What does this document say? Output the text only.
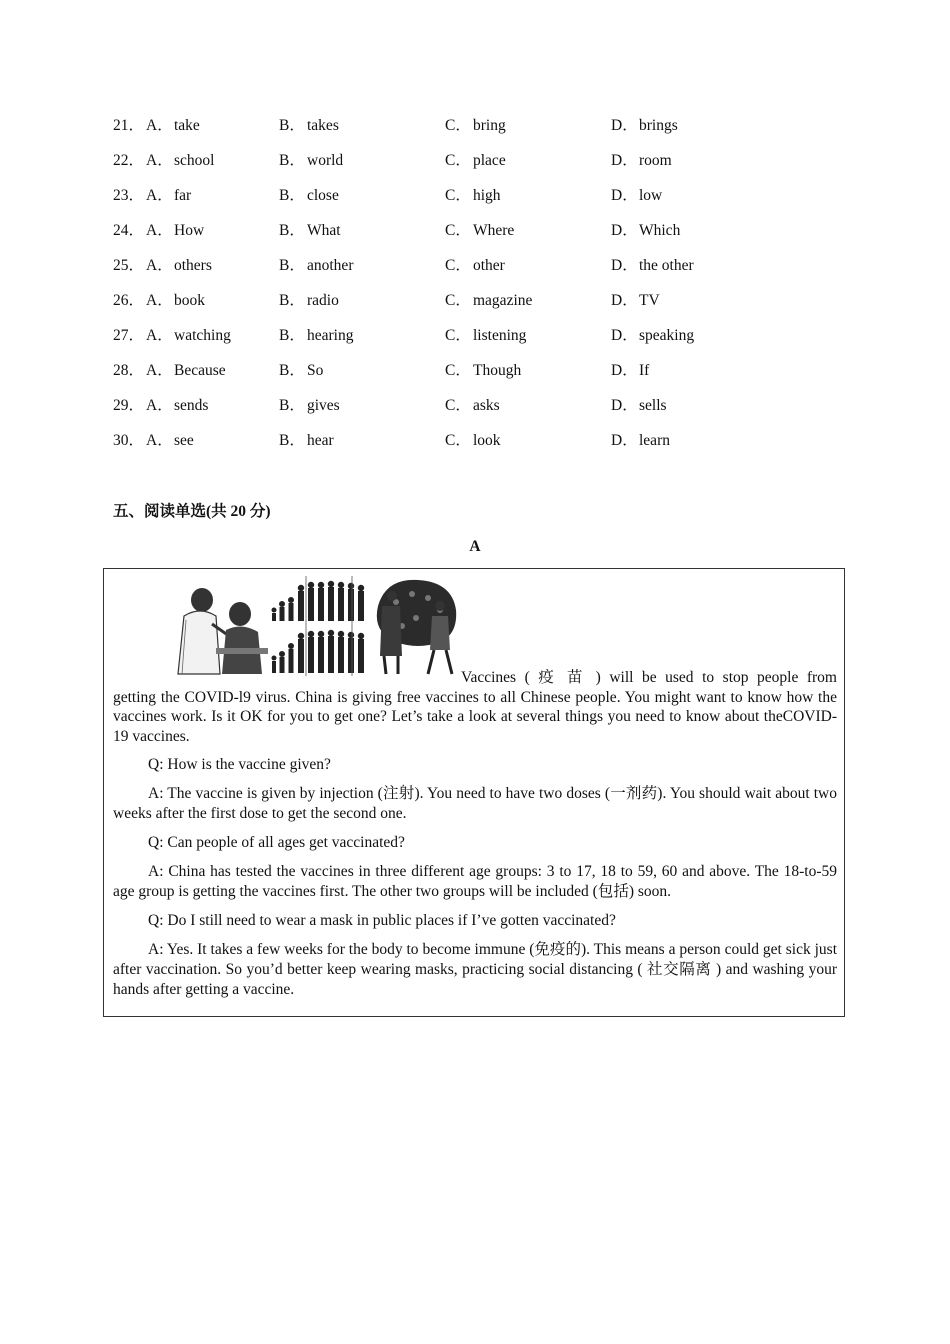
21． A．take	B． takes	C． bring	D．brings
22． A．school	B． world	C． place	D．room
23． A．far	B． close	C． high	D．low
24． A．How	B． What	C． Where	D．Which
25． A．others	B． another	C． other	D．the other
26． A．book	B． radio	C． magazine	D．TV
27． A．watching	B． hearing	C． listening	D．speaking
28． A．Because	B． So	C． Though	D．If
29． A．sends	B． gives	C． asks	D．sells
30． A．see	B． hear	C． look	D．learn
五、阅读单选(共 20 分)
A

Vaccines ( 疫 苗 ) will be used to stop people from
getting the COVID-l9 virus. China is giving free vaccines to all Chinese people. You might want to know how the vaccines work. Is it OK for you to get one? Let’s take a look at several things you need to know about theCOVID-19 vaccines.

Q: How is the vaccine given?

A: The vaccine is given by injection (注射). You need to have two doses (一剂药). You should wait about two weeks after the first dose to get the second one.

Q: Can people of all ages get vaccinated?

A: China has tested the vaccines in three different age groups: 3 to 17, 18 to 59, 60 and above. The 18-to-59 age group is getting the vaccines first. The other two groups will be included (包括) soon.

Q: Do I still need to wear a mask in public places if I’ve gotten vaccinated?

A: Yes. It takes a few weeks for the body to become immune (免疫的). This means a person could get sick just after vaccination. So you’d better keep wearing masks, practicing social distancing ( 社交隔离 ) and washing your hands after getting a vaccine.
